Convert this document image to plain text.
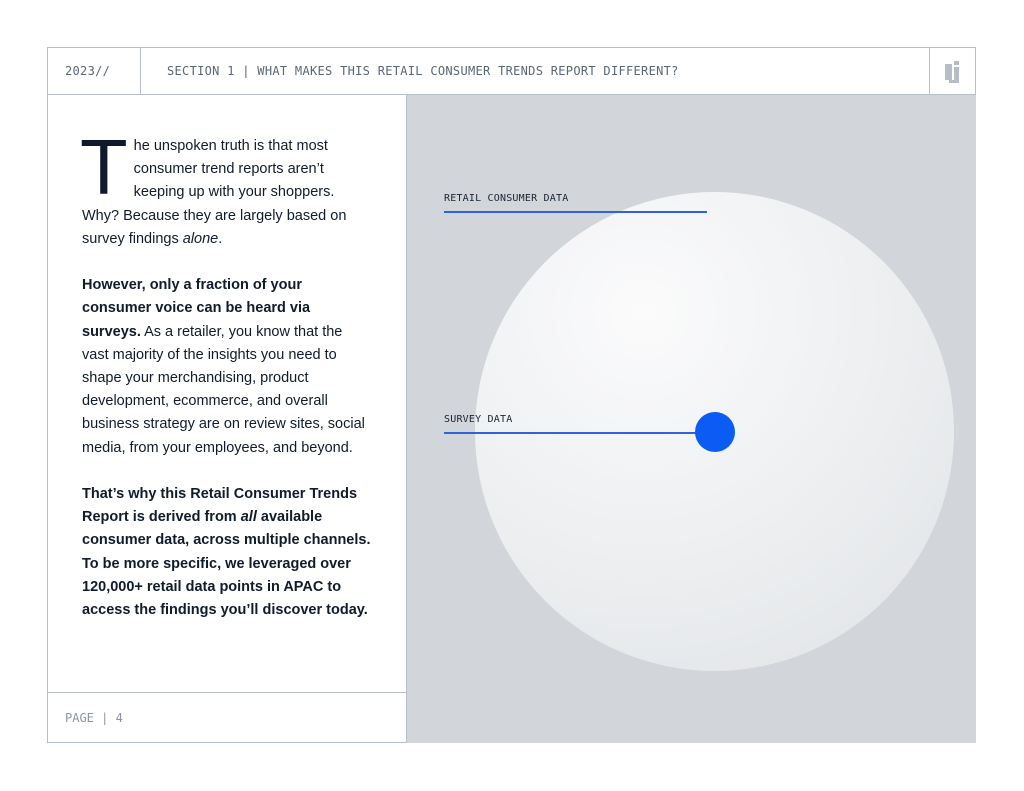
2023//	SECTION 1 | WHAT MAKES THIS RETAIL CONSUMER TRENDS REPORT DIFFERENT?

The unspoken truth is that most consumer trend reports aren’t keeping up with your shoppers. Why? Because they are largely based on survey findings alone.

However, only a fraction of your consumer voice can be heard via surveys. As a retailer, you know that the vast majority of the insights you need to shape your merchandising, product development, ecommerce, and overall business strategy are on review sites, social media, from your employees, and beyond.

That’s why this Retail Consumer Trends Report is derived from all available consumer data, across multiple channels. To be more specific, we leveraged over 120,000+ retail data points in APAC to access the findings you’ll discover today.

PAGE | 4
RETAIL CONSUMER DATA
SURVEY DATA
